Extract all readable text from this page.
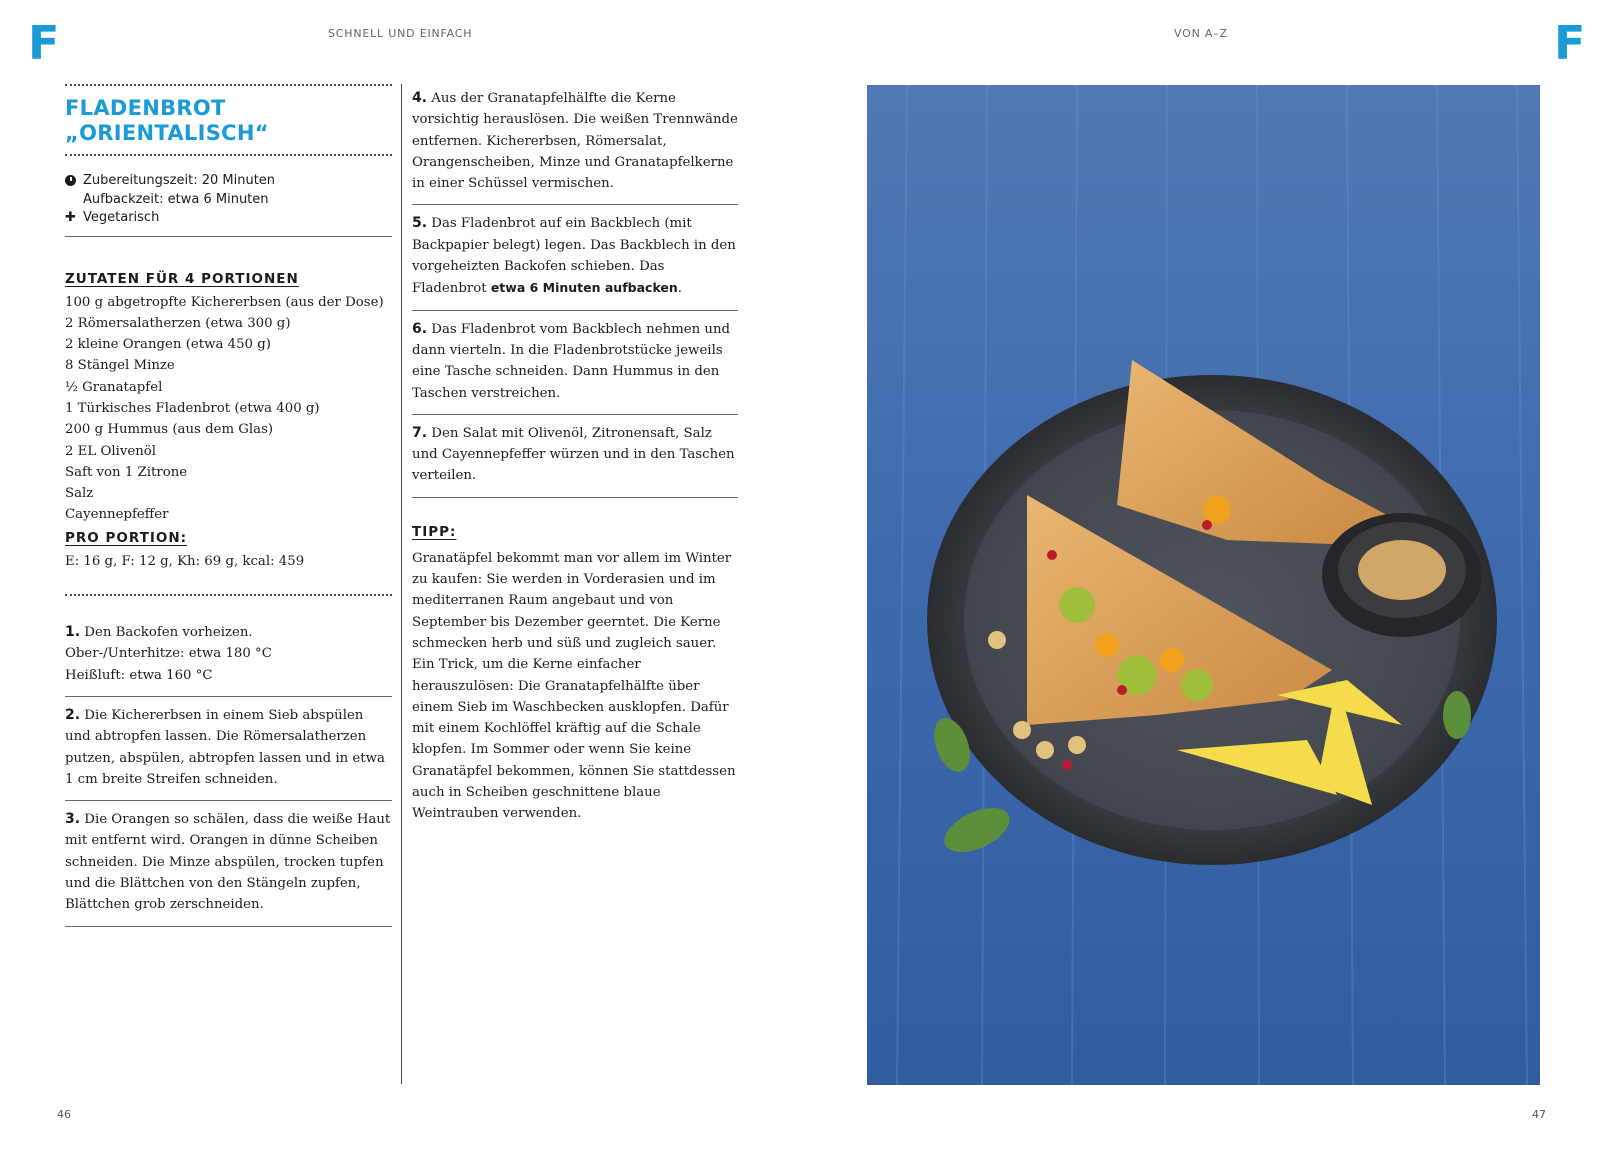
F	F
SCHNELL UND EINFACH	VON A–Z
FLADENBROT
„ORIENTALISCH“
Zubereitungszeit: 20 Minuten
Aufbackzeit: etwa 6 Minuten
✚ Vegetarisch
ZUTATEN FÜR 4 PORTIONEN
100 g abgetropfte Kichererbsen (aus der Dose)
2 Römersalatherzen (etwa 300 g)
2 kleine Orangen (etwa 450 g)
8 Stängel Minze
½ Granatapfel
1 Türkisches Fladenbrot (etwa 400 g)
200 g Hummus (aus dem Glas)
2 EL Olivenöl
Saft von 1 Zitrone
Salz
Cayennepfeffer
PRO PORTION:
E: 16 g, F: 12 g, Kh: 69 g, kcal: 459
1. Den Backofen vorheizen.
Ober-/Unterhitze: etwa 180 °C
Heißluft: etwa 160 °C
2. Die Kichererbsen in einem Sieb abspülen und abtropfen lassen. Die Römersalatherzen putzen, abspülen, abtropfen lassen und in etwa 1 cm breite Streifen schneiden.
3. Die Orangen so schälen, dass die weiße Haut mit entfernt wird. Orangen in dünne Scheiben schneiden. Die Minze abspülen, trocken tupfen und die Blättchen von den Stängeln zupfen, Blättchen grob zerschneiden.
4. Aus der Granatapfelhälfte die Kerne vorsichtig herauslösen. Die weißen Trennwände entfernen. Kichererbsen, Römersalat, Orangenscheiben, Minze und Granatapfelkerne in einer Schüssel vermischen.
5. Das Fladenbrot auf ein Backblech (mit Backpapier belegt) legen. Das Backblech in den vorgeheizten Backofen schieben. Das Fladenbrot etwa 6 Minuten aufbacken.
6. Das Fladenbrot vom Backblech nehmen und dann vierteln. In die Fladenbrotstücke jeweils eine Tasche schneiden. Dann Hummus in den Taschen verstreichen.
7. Den Salat mit Olivenöl, Zitronensaft, Salz und Cayennepfeffer würzen und in den Taschen verteilen.
TIPP:
Granatäpfel bekommt man vor allem im Winter zu kaufen: Sie werden in Vorderasien und im mediterranen Raum angebaut und von September bis Dezember geerntet. Die Kerne schmecken herb und süß und zugleich sauer. Ein Trick, um die Kerne einfacher herauszulösen: Die Granatapfelhälfte über einem Sieb im Waschbecken ausklopfen. Dafür mit einem Kochlöffel kräftig auf die Schale klopfen. Im Sommer oder wenn Sie keine Granatäpfel bekommen, können Sie stattdessen auch in Scheiben geschnittene blaue Weintrauben verwenden.
46	47
